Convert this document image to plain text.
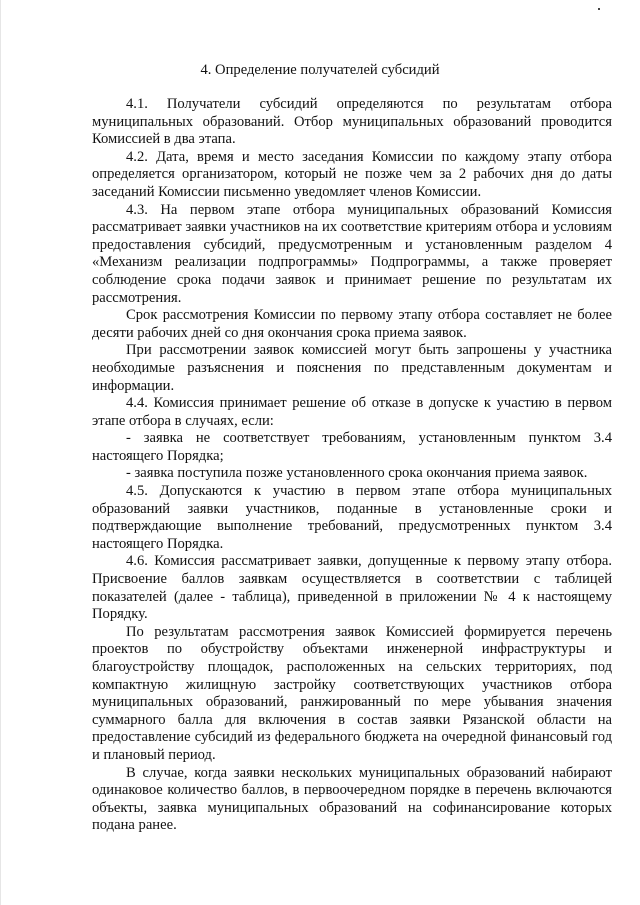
4. Определение получателей субсидий

4.1. Получатели субсидий определяются по результатам отбора муниципальных образований. Отбор муниципальных образований проводится Комиссией в два этапа.

4.2. Дата, время и место заседания Комиссии по каждому этапу отбора определяется организатором, который не позже чем за 2 рабочих дня до даты заседаний Комиссии письменно уведомляет членов Комиссии.

4.3. На первом этапе отбора муниципальных образований Комиссия рассматривает заявки участников на их соответствие критериям отбора и условиям предоставления субсидий, предусмотренным и установленным разделом 4 «Механизм реализации подпрограммы» Подпрограммы, а также проверяет соблюдение срока подачи заявок и принимает решение по результатам их рассмотрения.

Срок рассмотрения Комиссии по первому этапу отбора составляет не более десяти рабочих дней со дня окончания срока приема заявок.

При рассмотрении заявок комиссией могут быть запрошены у участника необходимые разъяснения и пояснения по представленным документам и информации.

4.4. Комиссия принимает решение об отказе в допуске к участию в первом этапе отбора в случаях, если:

- заявка не соответствует требованиям, установленным пунктом 3.4 настоящего Порядка;

- заявка поступила позже установленного срока окончания приема заявок.

4.5. Допускаются к участию в первом этапе отбора муниципальных образований заявки участников, поданные в установленные сроки и подтверждающие выполнение требований, предусмотренных пунктом 3.4 настоящего Порядка.

4.6. Комиссия рассматривает заявки, допущенные к первому этапу отбора. Присвоение баллов заявкам осуществляется в соответствии с таблицей показателей (далее - таблица), приведенной в приложении № 4 к настоящему Порядку.

По результатам рассмотрения заявок Комиссией формируется перечень проектов по обустройству объектами инженерной инфраструктуры и благоустройству площадок, расположенных на сельских территориях, под компактную жилищную застройку соответствующих участников отбора муниципальных образований, ранжированный по мере убывания значения суммарного балла для включения в состав заявки Рязанской области на предоставление субсидий из федерального бюджета на очередной финансовый год и плановый период.

В случае, когда заявки нескольких муниципальных образований набирают одинаковое количество баллов, в первоочередном порядке в перечень включаются объекты, заявка муниципальных образований на софинансирование которых подана ранее.
